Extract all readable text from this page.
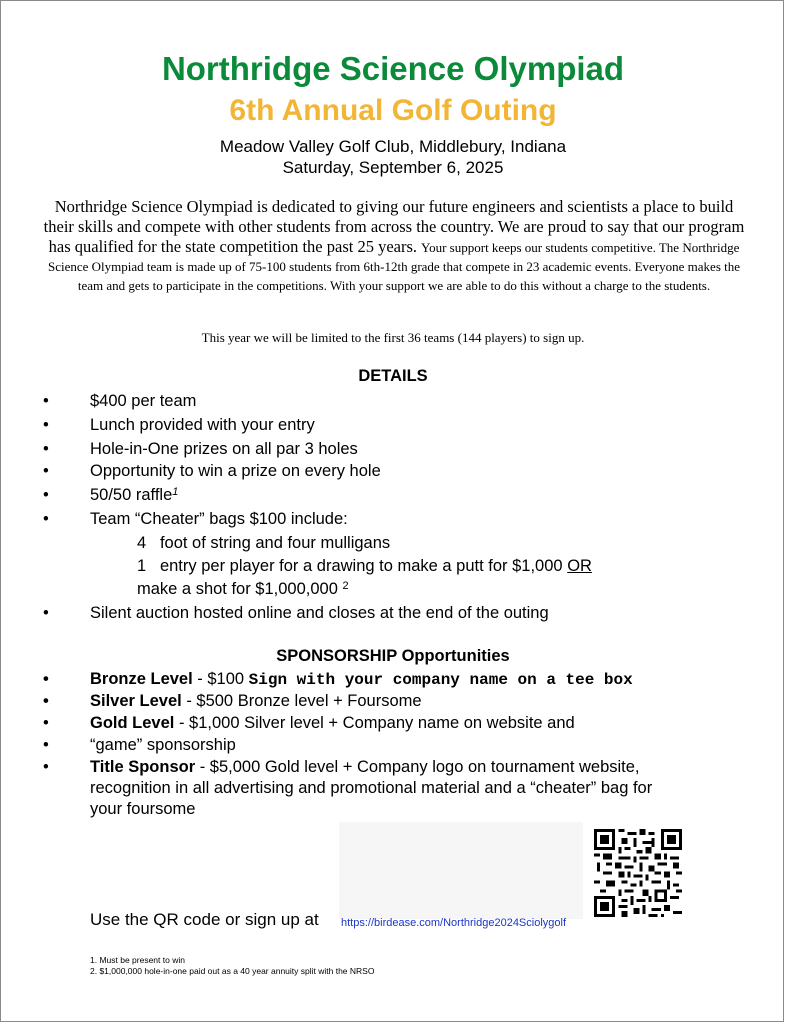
Northridge Science Olympiad
6th Annual Golf Outing
Meadow Valley Golf Club, Middlebury, Indiana
Saturday, September 6, 2025
Northridge Science Olympiad is dedicated to giving our future engineers and scientists a place to build their skills and compete with other students from across the country. We are proud to say that our program has qualified for the state competition the past 25 years. Your support keeps our students competitive. The Northridge Science Olympiad team is made up of 75-100 students from 6th-12th grade that compete in 23 academic events. Everyone makes the team and gets to participate in the competitions. With your support we are able to do this without a charge to the students.
This year we will be limited to the first 36 teams (144 players) to sign up.
DETAILS
• $400 per team
• Lunch provided with your entry
• Hole-in-One prizes on all par 3 holes
• Opportunity to win a prize on every hole
• 50/50 raffle$^1$
• Team “Cheater” bags $100 include:
4 foot of string and four mulligans
1 entry per player for a drawing to make a putt for $1,000 OR
make a shot for $1,000,000 $^2$
• Silent auction hosted online and closes at the end of the outing
SPONSORSHIP Opportunities
• Bronze Level - $100 Sign with your company name on a tee box
• Silver Level - $500 Bronze level + Foursome
• Gold Level - $1,000 Silver level + Company name on website and
• “game” sponsorship
• Title Sponsor - $5,000 Gold level + Company logo on tournament website,
recognition in all advertising and promotional material and a “cheater” bag for
your foursome
Use the QR code or sign up at https://birdease.com/Northridge2024Sciolygolf
1. Must be present to win
2. $1,000,000 hole-in-one paid out as a 40 year annuity split with the NRSO
